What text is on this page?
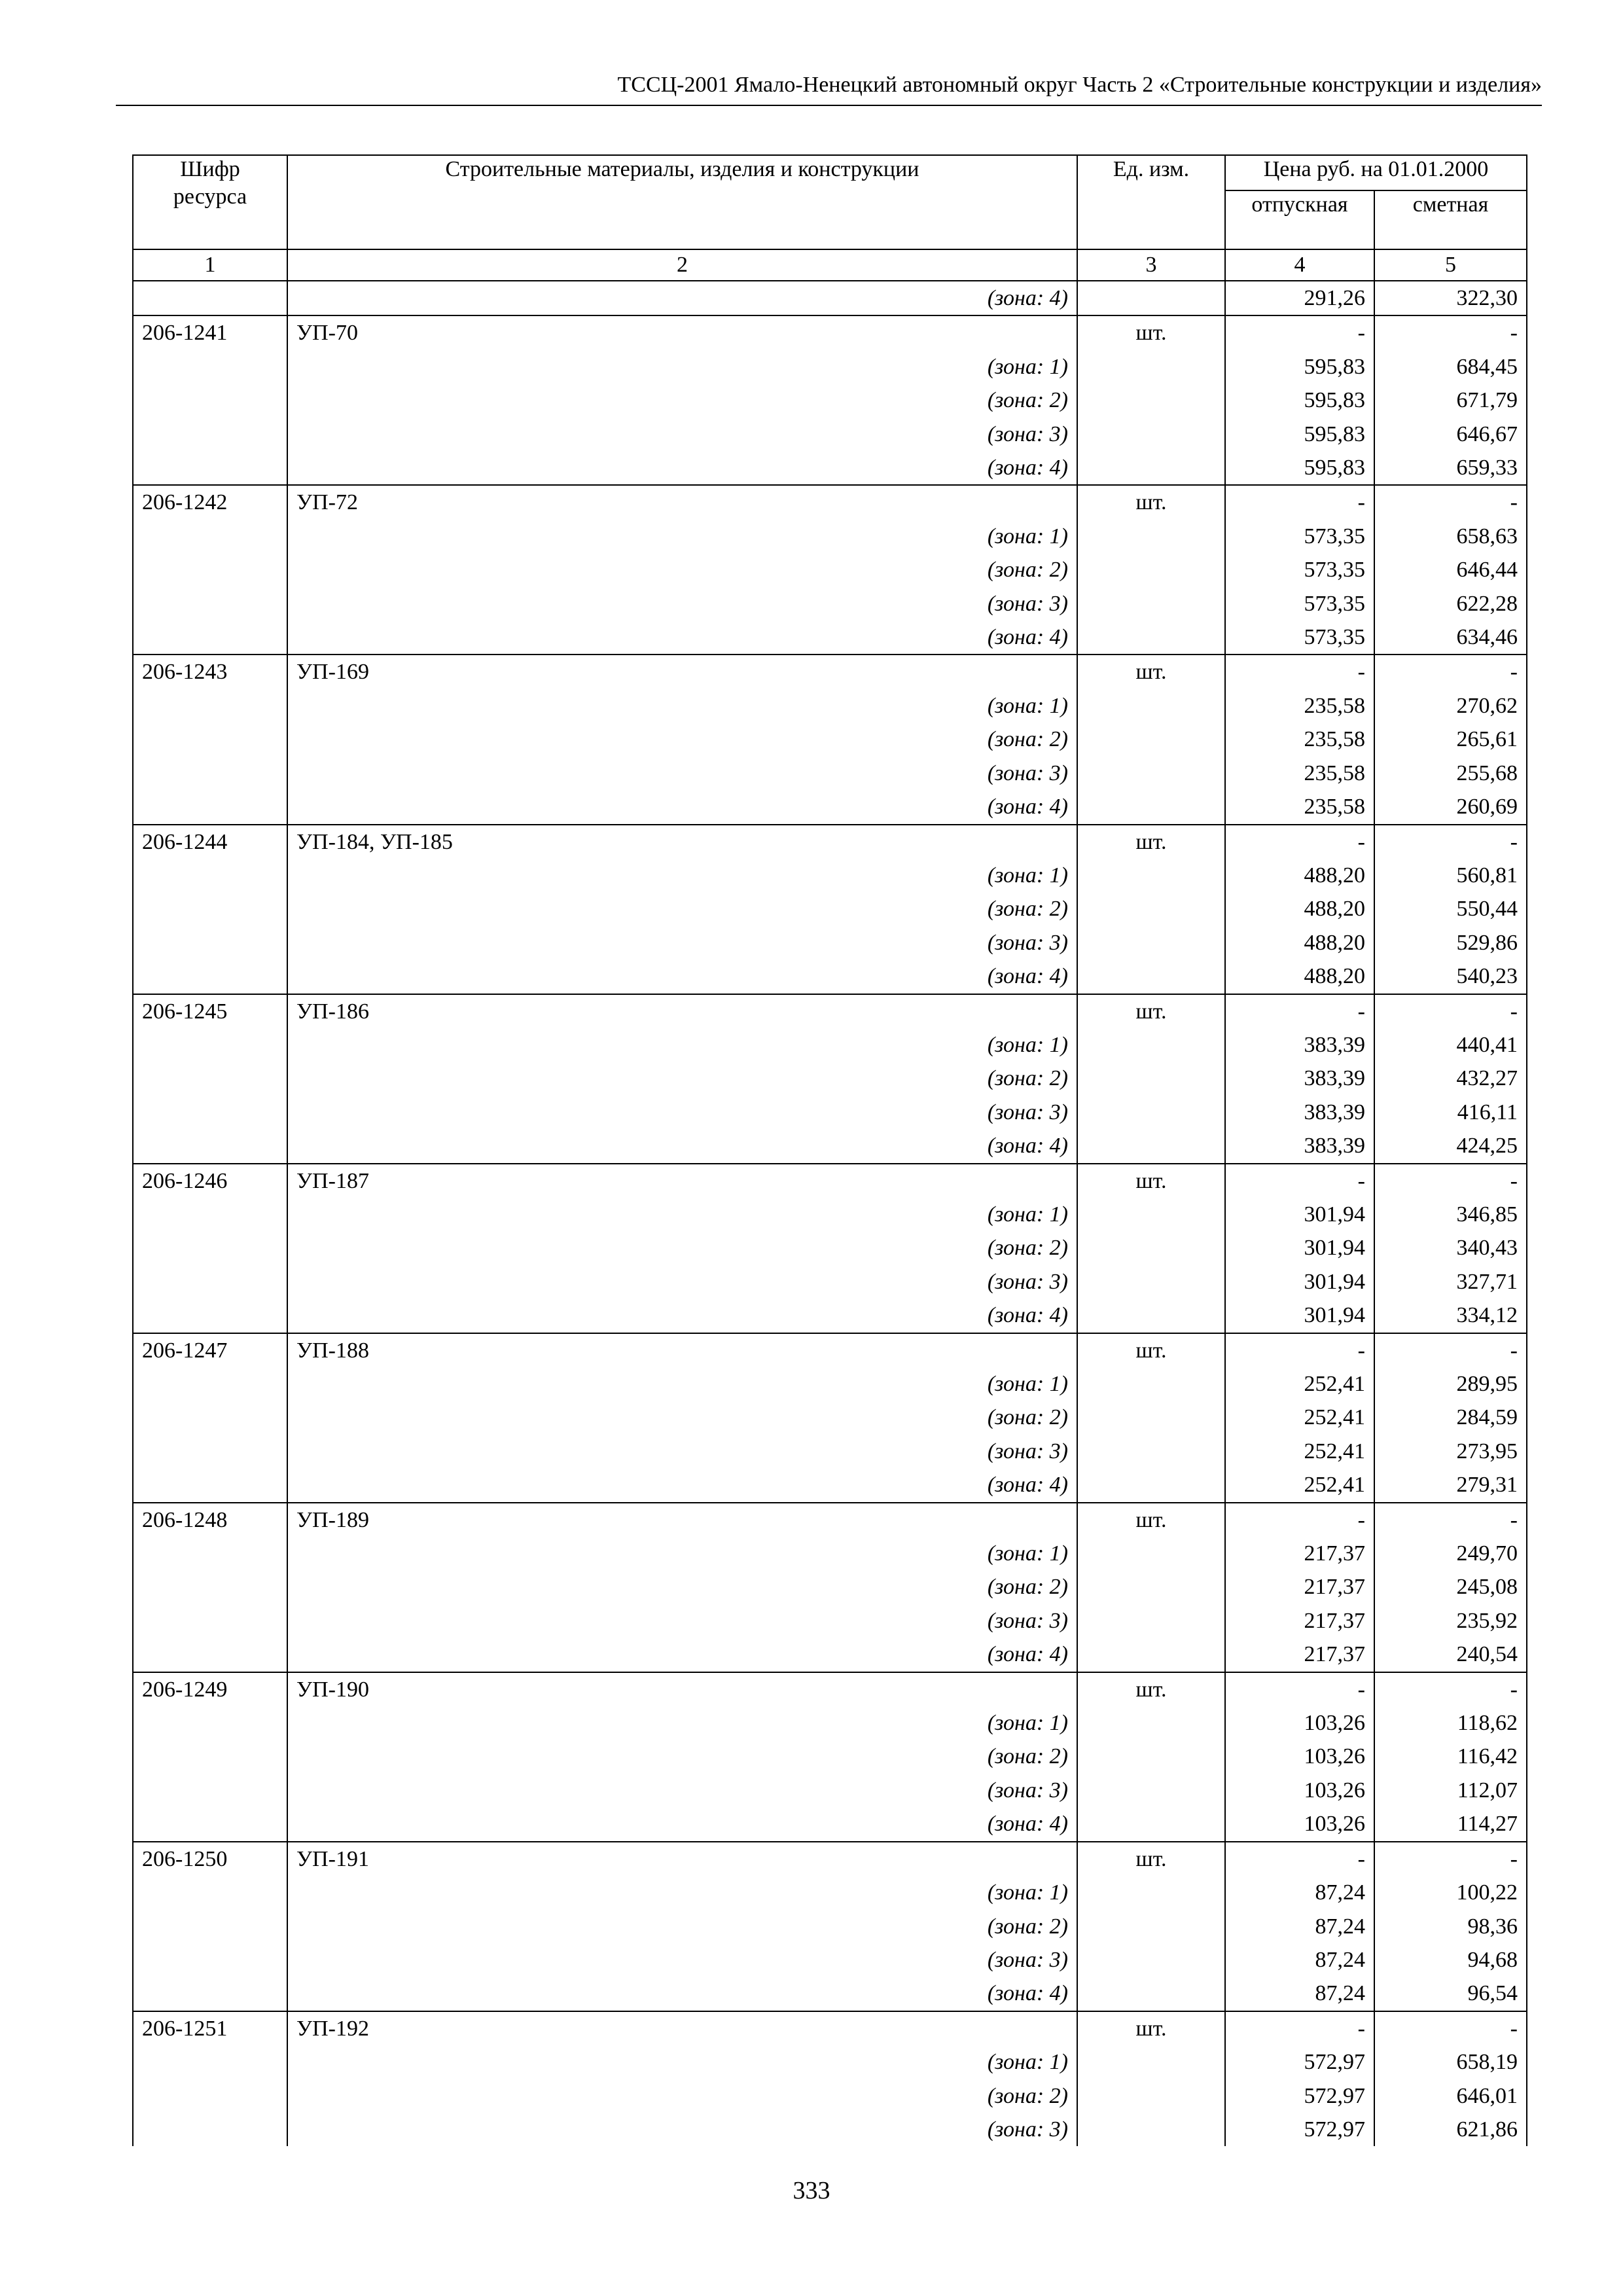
ТССЦ-2001 Ямало-Ненецкий автономный округ Часть 2 «Строительные конструкции и изделия»
Шифр ресурса	Строительные материалы, изделия и конструкции	Ед. изм.	Цена руб. на 01.01.2000	
			отпускная	сметная
1	2	3	4	5
	(зона: 4)		291,26	322,30
206-1241	УП-70	шт.	-	-
	(зона: 1)		595,83	684,45
	(зона: 2)		595,83	671,79
	(зона: 3)		595,83	646,67
	(зона: 4)		595,83	659,33
206-1242	УП-72	шт.	-	-
	(зона: 1)		573,35	658,63
	(зона: 2)		573,35	646,44
	(зона: 3)		573,35	622,28
	(зона: 4)		573,35	634,46
206-1243	УП-169	шт.	-	-
	(зона: 1)		235,58	270,62
	(зона: 2)		235,58	265,61
	(зона: 3)		235,58	255,68
	(зона: 4)		235,58	260,69
206-1244	УП-184, УП-185	шт.	-	-
	(зона: 1)		488,20	560,81
	(зона: 2)		488,20	550,44
	(зона: 3)		488,20	529,86
	(зона: 4)		488,20	540,23
206-1245	УП-186	шт.	-	-
	(зона: 1)		383,39	440,41
	(зона: 2)		383,39	432,27
	(зона: 3)		383,39	416,11
	(зона: 4)		383,39	424,25
206-1246	УП-187	шт.	-	-
	(зона: 1)		301,94	346,85
	(зона: 2)		301,94	340,43
	(зона: 3)		301,94	327,71
	(зона: 4)		301,94	334,12
206-1247	УП-188	шт.	-	-
	(зона: 1)		252,41	289,95
	(зона: 2)		252,41	284,59
	(зона: 3)		252,41	273,95
	(зона: 4)		252,41	279,31
206-1248	УП-189	шт.	-	-
	(зона: 1)		217,37	249,70
	(зона: 2)		217,37	245,08
	(зона: 3)		217,37	235,92
	(зона: 4)		217,37	240,54
206-1249	УП-190	шт.	-	-
	(зона: 1)		103,26	118,62
	(зона: 2)		103,26	116,42
	(зона: 3)		103,26	112,07
	(зона: 4)		103,26	114,27
206-1250	УП-191	шт.	-	-
	(зона: 1)		87,24	100,22
	(зона: 2)		87,24	98,36
	(зона: 3)		87,24	94,68
	(зона: 4)		87,24	96,54
206-1251	УП-192	шт.	-	-
	(зона: 1)		572,97	658,19
	(зона: 2)		572,97	646,01
	(зона: 3)		572,97	621,86
333
